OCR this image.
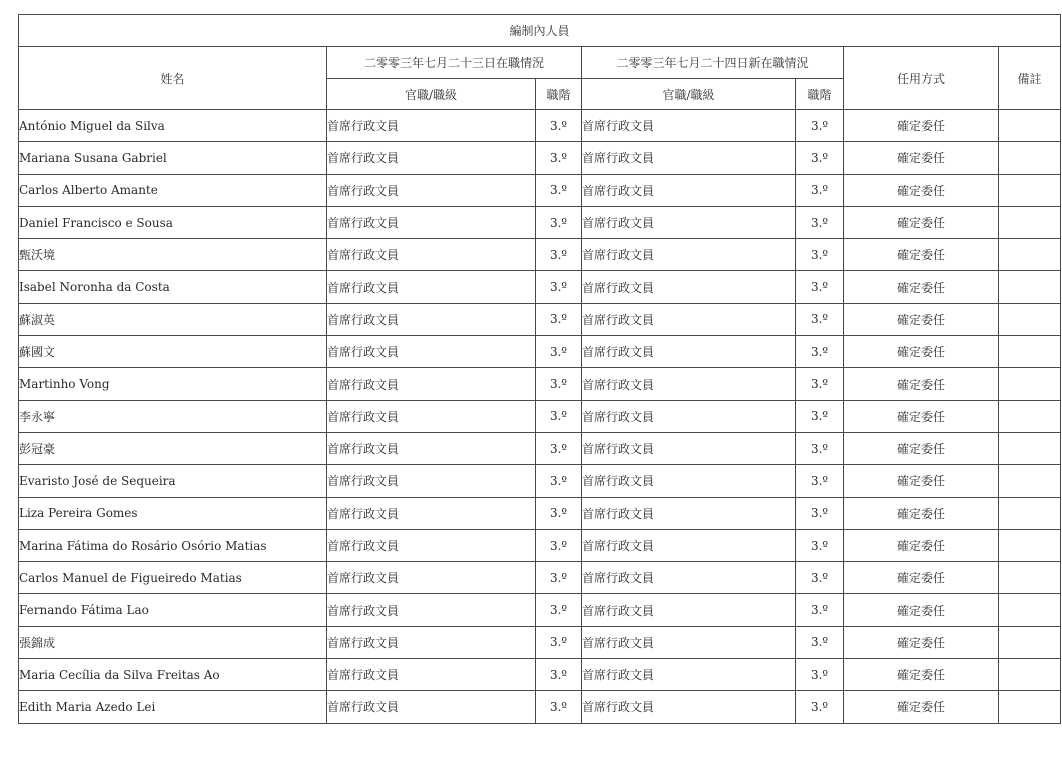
編制內人員						
姓名	二零零三年七月二十三日在職情況		二零零三年七月二十四日新在職情況		任用方式	備註
	官職/職級	職階	官職/職級	職階		
António Miguel da Silva	首席行政文員	3.º	首席行政文員	3.º	確定委任	
Mariana Susana Gabriel	首席行政文員	3.º	首席行政文員	3.º	確定委任	
Carlos Alberto Amante	首席行政文員	3.º	首席行政文員	3.º	確定委任	
Daniel Francisco e Sousa	首席行政文員	3.º	首席行政文員	3.º	確定委任	
甄沃境	首席行政文員	3.º	首席行政文員	3.º	確定委任	
Isabel Noronha da Costa	首席行政文員	3.º	首席行政文員	3.º	確定委任	
蘇淑英	首席行政文員	3.º	首席行政文員	3.º	確定委任	
蘇國文	首席行政文員	3.º	首席行政文員	3.º	確定委任	
Martinho Vong	首席行政文員	3.º	首席行政文員	3.º	確定委任	
李永寧	首席行政文員	3.º	首席行政文員	3.º	確定委任	
彭冠豪	首席行政文員	3.º	首席行政文員	3.º	確定委任	
Evaristo José de Sequeira	首席行政文員	3.º	首席行政文員	3.º	確定委任	
Liza Pereira Gomes	首席行政文員	3.º	首席行政文員	3.º	確定委任	
Marina Fátima do Rosário Osório Matias	首席行政文員	3.º	首席行政文員	3.º	確定委任	
Carlos Manuel de Figueiredo Matias	首席行政文員	3.º	首席行政文員	3.º	確定委任	
Fernando Fátima Lao	首席行政文員	3.º	首席行政文員	3.º	確定委任	
張錦成	首席行政文員	3.º	首席行政文員	3.º	確定委任	
Maria Cecília da Silva Freitas Ao	首席行政文員	3.º	首席行政文員	3.º	確定委任	
Edith Maria Azedo Lei	首席行政文員	3.º	首席行政文員	3.º	確定委任	
